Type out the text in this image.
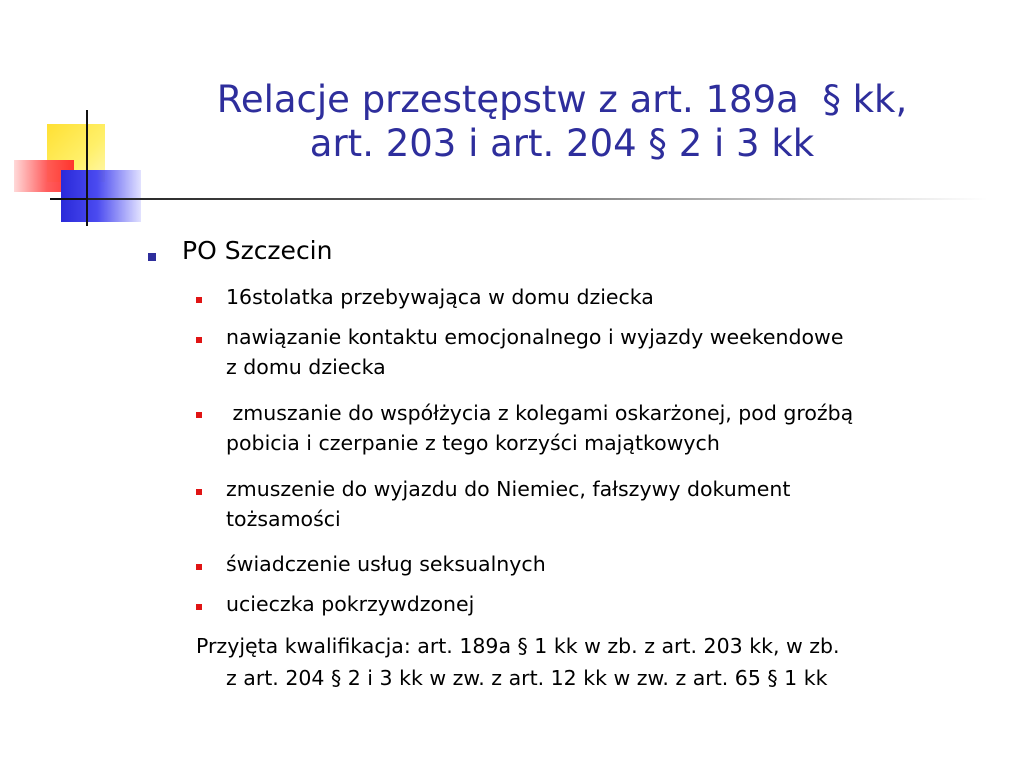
Relacje przestępstw z art. 189a  § kk,
art. 203 i art. 204 § 2 i 3 kk
PO Szczecin
16stolatka przebywająca w domu dziecka
nawiązanie kontaktu emocjonalnego i wyjazdy weekendowe
z domu dziecka
zmuszanie do współżycia z kolegami oskarżonej, pod groźbą
pobicia i czerpanie z tego korzyści majątkowych
zmuszenie do wyjazdu do Niemiec, fałszywy dokument
tożsamości
świadczenie usług seksualnych
ucieczka pokrzywdzonej
Przyjęta kwalifikacja: art. 189a § 1 kk w zb. z art. 203 kk, w zb.
z art. 204 § 2 i 3 kk w zw. z art. 12 kk w zw. z art. 65 § 1 kk
